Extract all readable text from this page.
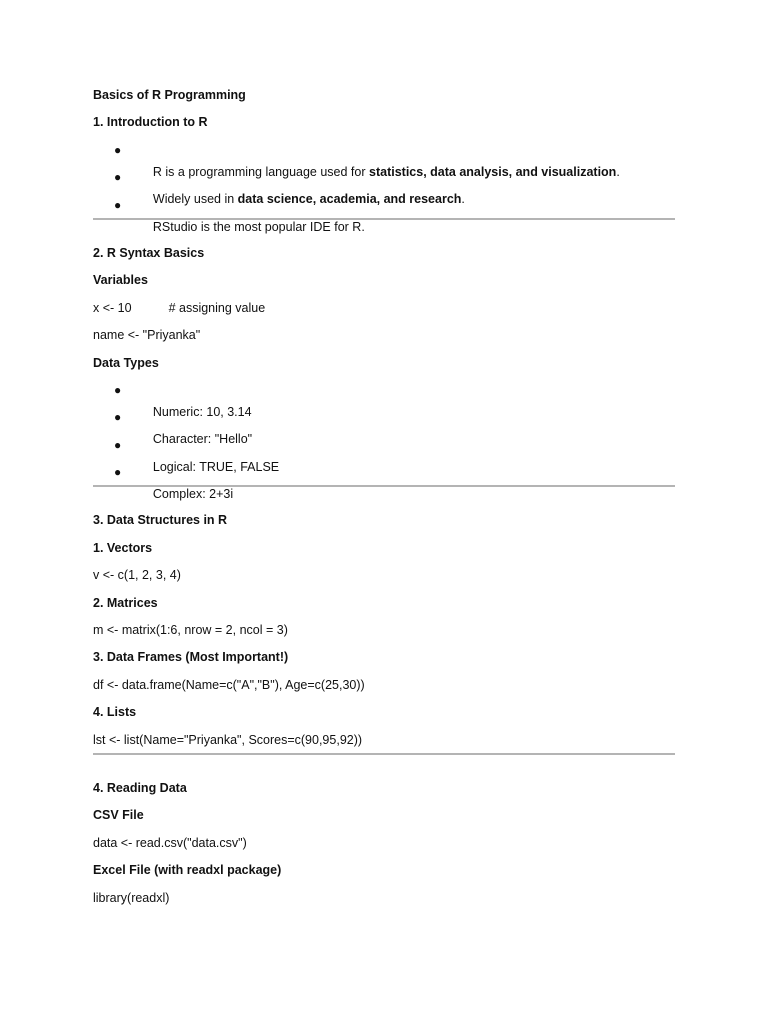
Basics of R Programming
1. Introduction to R

●
R is a programming language used for statistics, data analysis, and visualization.

●
Widely used in data science, academia, and research.

●
RStudio is the most popular IDE for R.

2. R Syntax Basics
Variables
x <- 10	# assigning value
name <- "Priyanka"
Data Types

●
Numeric: 10, 3.14

●
Character: "Hello"

●
Logical: TRUE, FALSE

●
Complex: 2+3i

3. Data Structures in R
1. Vectors
v <- c(1, 2, 3, 4)
2. Matrices
m <- matrix(1:6, nrow = 2, ncol = 3)
3. Data Frames (Most Important!)
df <- data.frame(Name=c("A","B"), Age=c(25,30))
4. Lists
lst <- list(Name="Priyanka", Scores=c(90,95,92))
4. Reading Data
CSV File
data <- read.csv("data.csv")
Excel File (with readxl package)
library(readxl)
